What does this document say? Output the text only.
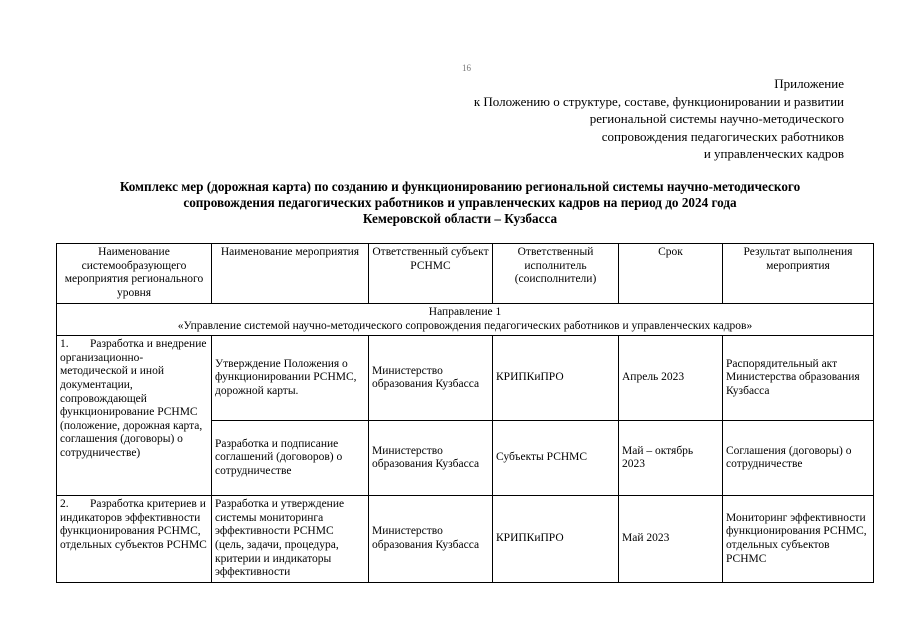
16
Приложение
к Положению о структуре, составе, функционировании и развитии
региональной системы научно-методического
сопровождения педагогических работников
и управленческих кадров
Комплекс мер (дорожная карта) по созданию и функционированию региональной системы научно-методического
сопровождения педагогических работников и управленческих кадров на период до 2024 года
Кемеровской области – Кузбасса
Наименование системообразующего мероприятия регионального уровня	Наименование мероприятия	Ответственный субъект РСНМС	Ответственный исполнитель (соисполнители)	Срок	Результат выполнения мероприятия

Направление 1
«Управление системой научно-методического сопровождения педагогических работников и управленческих кадров»					

1. Разработка и внедрение организационно-методической и иной документации, сопровождающей функционирование РСНМС (положение, дорожная карта, соглашения (договоры) о сотрудничестве)	Утверждение Положения о функционировании РСНМС, дорожной карты.	Министерство образования Кузбасса	КРИПКиПРО	Апрель 2023	Распорядительный акт Министерства образования Кузбасса
	Разработка и подписание соглашений (договоров) о сотрудничестве	Министерство образования Кузбасса	Субъекты РСНМС	Май – октябрь 2023	Соглашения (договоры) о сотрудничестве
2. Разработка критериев и индикаторов эффективности функционирования РСНМС, отдельных субъектов РСНМС	Разработка и утверждение системы мониторинга эффективности РСНМС (цель, задачи, процедура, критерии и индикаторы эффективности	Министерство образования Кузбасса	КРИПКиПРО	Май 2023	Мониторинг эффективности функционирования РСНМС, отдельных субъектов РСНМС
